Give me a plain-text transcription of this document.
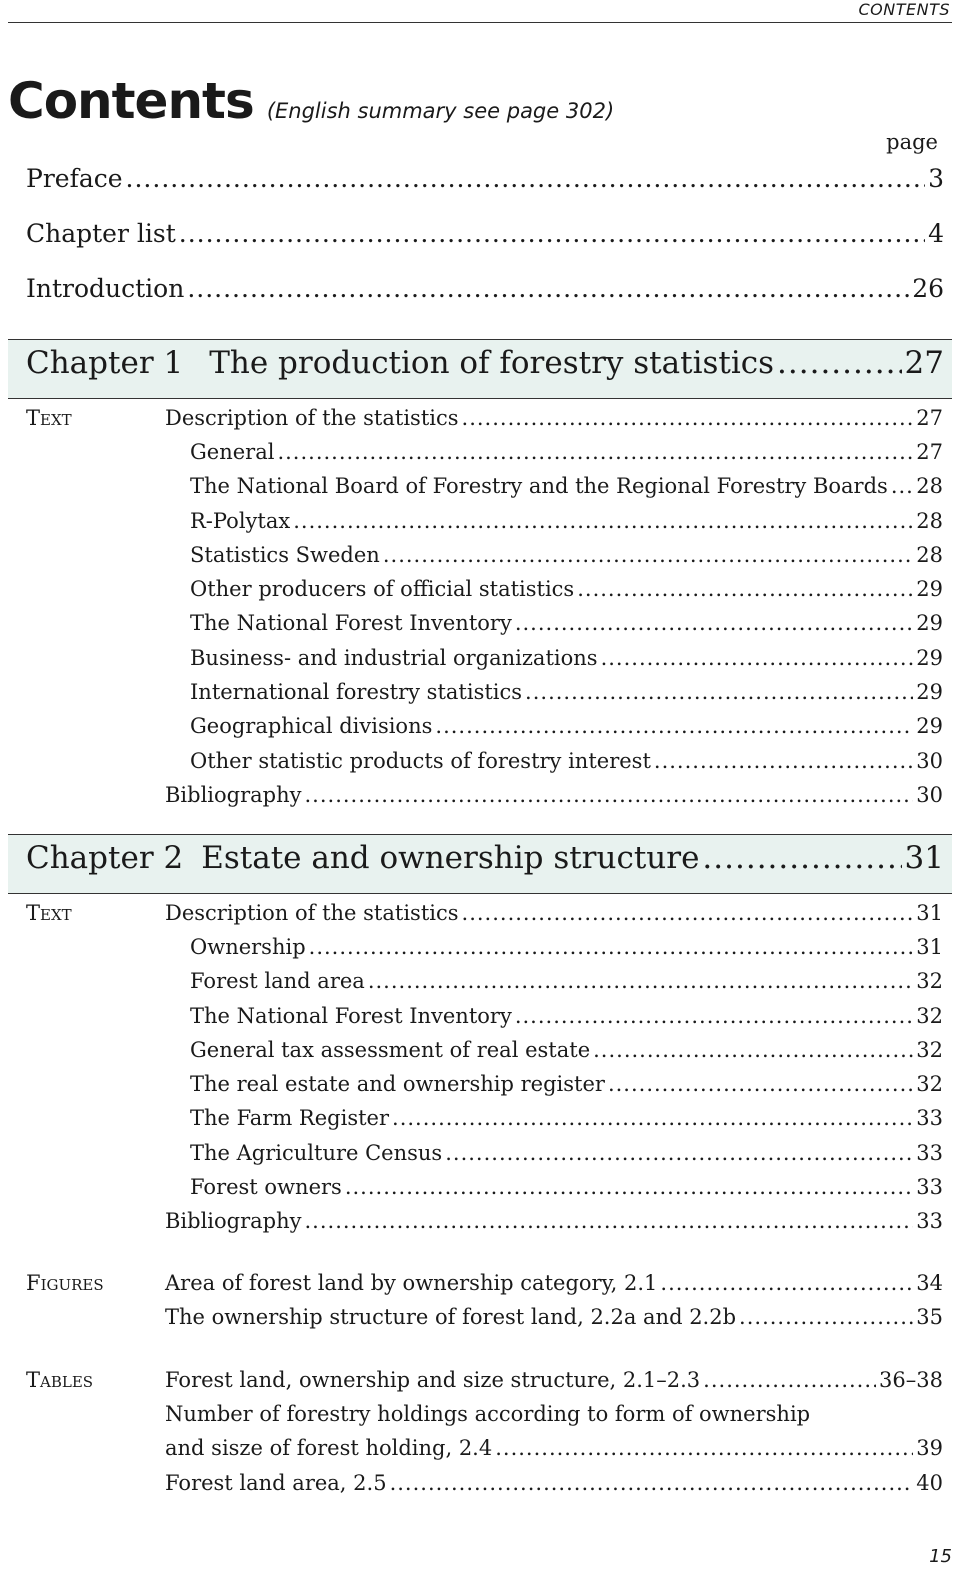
CONTENTS
Contents (English summary see page 302)
page
Preface .....	3
Chapter list .....	4
Introduction .....	26
Chapter 1 The production of forestry statistics .....	27
Text	Description of the statistics .....	27
General .....	27
The National Board of Forestry and the Regional Forestry Boards ..... 28
R-Polytax .....	28
Statistics Sweden .....	28
Other producers of official statistics .....	29
The National Forest Inventory .....	29
Business- and industrial organizations .....	29
International forestry statistics .....	29
Geographical divisions .....	29
Other statistic products of forestry interest .....	30
Bibliography .....	30
Chapter 2 Estate and ownership structure .....	31
Text	Description of the statistics .....	31
Ownership .....	31
Forest land area .....	32
The National Forest Inventory .....	32
General tax assessment of real estate .....	32
The real estate and ownership register .....	32
The Farm Register .....	33
The Agriculture Census .....	33
Forest owners .....	33
Bibliography .....	33
Figures	Area of forest land by ownership category, 2.1 .....	34
The ownership structure of forest land, 2.2a and 2.2b .....	35
Tables	Forest land, ownership and size structure, 2.1–2.3 .....	36–38
Number of forestry holdings according to form of ownership
and sisze of forest holding, 2.4 .....	39
Forest land area, 2.5 .....	40
15
